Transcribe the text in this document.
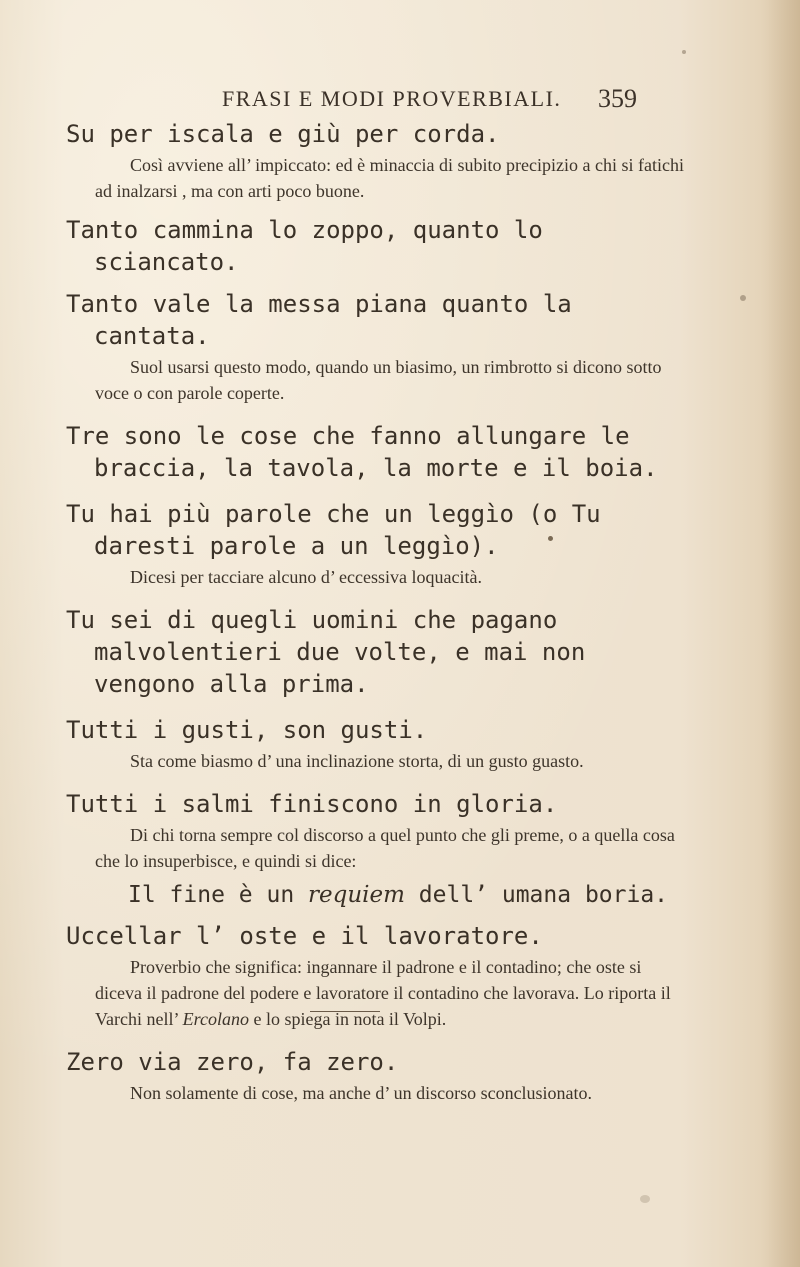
FRASI E MODI PROVERBIALI. 359

Su per iscala e giù per corda.

Così avviene all’ impiccato: ed è minaccia di subito precipizio a chi si fatichi ad inalzarsi , ma con arti poco buone.

Tanto cammina lo zoppo, quanto lo sciancato.

Tanto vale la messa piana quanto la cantata.

Suol usarsi questo modo, quando un biasimo, un rimbrotto si dicono sotto voce o con parole coperte.

Tre sono le cose che fanno allungare le braccia, la tavola, la morte e il boia.

Tu hai più parole che un leggìo (o Tu daresti parole a un leggìo).

Dicesi per tacciare alcuno d’ eccessiva loquacità.

Tu sei di quegli uomini che pagano malvolentieri due volte, e mai non vengono alla prima.

Tutti i gusti, son gusti.

Sta come biasmo d’ una inclinazione storta, di un gusto guasto.

Tutti i salmi finiscono in gloria.

Di chi torna sempre col discorso a quel punto che gli preme, o a quella cosa che lo insuperbisce, e quindi si dice:

Il fine è un requiem dell’ umana boria.

Uccellar l’ oste e il lavoratore.

Proverbio che significa: ingannare il padrone e il contadino; che oste si diceva il padrone del podere e lavoratore il contadino che lavorava. Lo riporta il Varchi nell’ Ercolano e lo spiega in nota il Volpi.

Zero via zero, fa zero.

Non solamente di cose, ma anche d’ un discorso sconclusionato.
